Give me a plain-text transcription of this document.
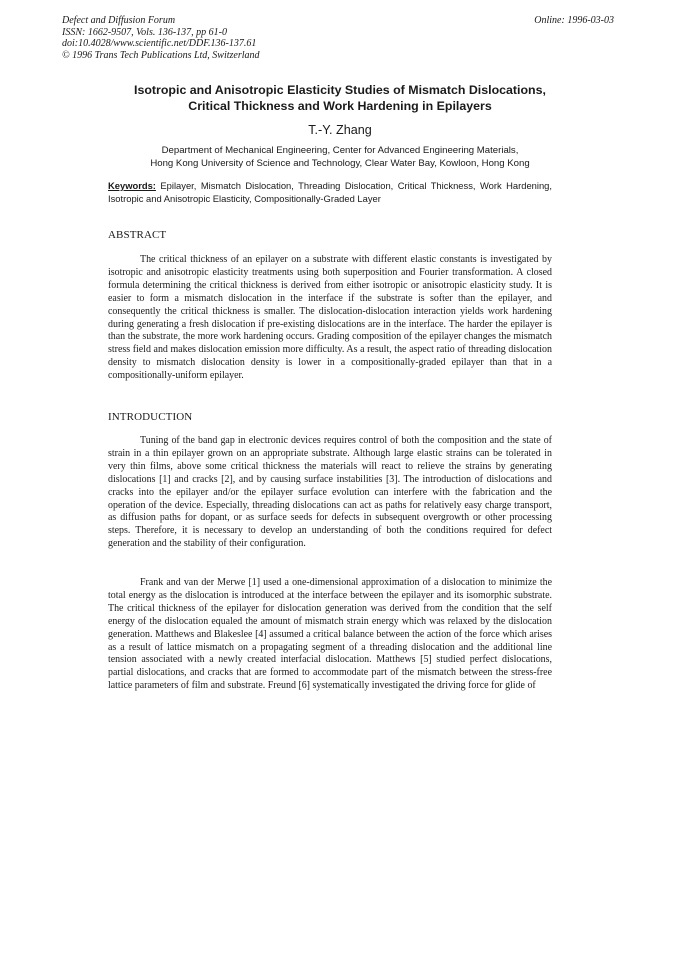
Defect and Diffusion Forum
ISSN: 1662-9507, Vols. 136-137, pp 61-0
doi:10.4028/www.scientific.net/DDF.136-137.61
© 1996 Trans Tech Publications Ltd, Switzerland
Online: 1996-03-03
Isotropic and Anisotropic Elasticity Studies of Mismatch Dislocations,
Critical Thickness and Work Hardening in Epilayers
T.-Y. Zhang
Department of Mechanical Engineering, Center for Advanced Engineering Materials,
Hong Kong University of Science and Technology, Clear Water Bay, Kowloon, Hong Kong
Keywords: Epilayer, Mismatch Dislocation, Threading Dislocation, Critical Thickness, Work Hardening, Isotropic and Anisotropic Elasticity, Compositionally-Graded Layer
ABSTRACT

The critical thickness of an epilayer on a substrate with different elastic constants is investigated by isotropic and anisotropic elasticity treatments using both superposition and Fourier transformation. A closed formula determining the critical thickness is derived from either isotropic or anisotropic elasticity study. It is easier to form a mismatch dislocation in the interface if the substrate is softer than the epilayer, and consequently the critical thickness is smaller. The dislocation-dislocation interaction yields work hardening during generating a fresh dislocation if pre-existing dislocations are in the interface. The harder the epilayer is than the substrate, the more work hardening occurs. Grading composition of the epilayer changes the mismatch stress field and makes dislocation emission more difficulty. As a result, the aspect ratio of threading dislocation density to mismatch dislocation density is lower in a compositionally-graded epilayer than that in a compositionally-uniform epilayer.

INTRODUCTION

Tuning of the band gap in electronic devices requires control of both the composition and the state of strain in a thin epilayer grown on an appropriate substrate. Although large elastic strains can be tolerated in very thin films, above some critical thickness the materials will react to relieve the strains by generating dislocations [1] and cracks [2], and by causing surface instabilities [3]. The introduction of dislocations and cracks into the epilayer and/or the epilayer surface evolution can interfere with the fabrication and the operation of the device. Especially, threading dislocations can act as paths for relatively easy charge transport, as diffusion paths for dopant, or as surface seeds for defects in subsequent overgrowth or other processing steps. Therefore, it is necessary to develop an understanding of both the conditions required for defect generation and the stability of their configuration.

Frank and van der Merwe [1] used a one-dimensional approximation of a dislocation to minimize the total energy as the dislocation is introduced at the interface between the epilayer and its isomorphic substrate. The critical thickness of the epilayer for dislocation generation was derived from the condition that the self energy of the dislocation equaled the amount of mismatch strain energy which was relaxed by the dislocation generation. Matthews and Blakeslee [4] assumed a critical balance between the action of the force which arises as a result of lattice mismatch on a propagating segment of a threading dislocation and the additional line tension associated with a newly created interfacial dislocation. Matthews [5] studied perfect dislocations, partial dislocations, and cracks that are formed to accommodate part of the mismatch between the stress-free lattice parameters of film and substrate. Freund [6] systematically investigated the driving force for glide of
